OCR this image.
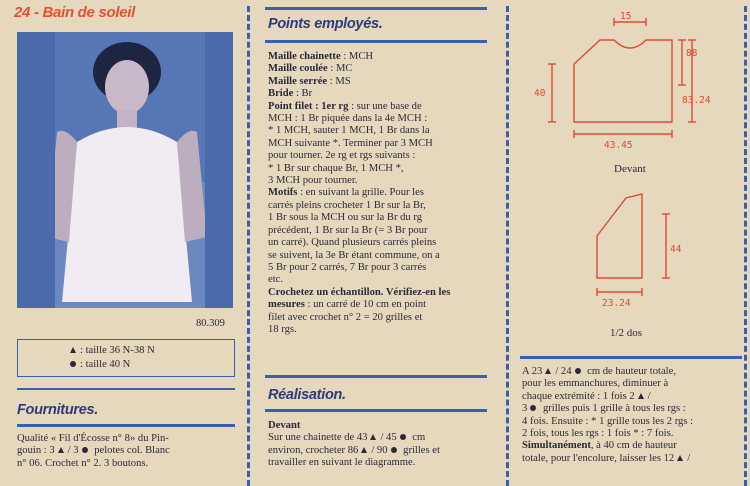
24 - Bain de soleil
80.309
: taille 36 N-38 N
: taille 40 N
Fournitures.

Qualité « Fil d'Écosse n° 8» du Pin-

gouin : 3 / 3 pelotes col. Blanc

n° 06. Crochet n° 2. 3 boutons.

Points employés.

Maille chainette : MCH

Maille coulée : MC

Maille serrée : MS

Bride : Br

Point filet : 1er rg : sur une base de

MCH : 1 Br piquée dans la 4e MCH :

* 1 MCH, sauter 1 MCH, 1 Br dans la

MCH suivante *. Terminer par 3 MCH

pour tourner. 2e rg et rgs suivants :

* 1 Br sur chaque Br, 1 MCH *,

3 MCH pour tourner.

Motifs : en suivant la grille. Pour les

carrés pleins crocheter 1 Br sur la Br,

1 Br sous la MCH ou sur la Br du rg

précédent, 1 Br sur la Br (= 3 Br pour

un carré). Quand plusieurs carrés pleins

se suivent, la 3e Br étant commune, on a

5 Br pour 2 carrés, 7 Br pour 3 carrés

etc.

Crochetez un échantillon. Vérifiez-en les

mesures : un carré de 10 cm en point

filet avec crochet n° 2 = 20 grilles et

18 rgs.

Réalisation.

Devant

Sur une chainette de 43 / 45 cm

environ, crocheter 86 / 90 grilles et

travailler en suivant le diagramme.

15
40
88
83.24
43.45
44
23.24
Devant
1/2 dos

A 23 / 24 cm de hauteur totale,

pour les emmanchures, diminuer à

chaque extrémité : 1 fois 2 /

3 grilles puis 1 grille à tous les rgs :

4 fois. Ensuite : * 1 grille tous les 2 rgs :

2 fois, tous les rgs : 1 fois * : 7 fois.

Simultanément, à 40 cm de hauteur

totale, pour l'encolure, laisser les 12 /
